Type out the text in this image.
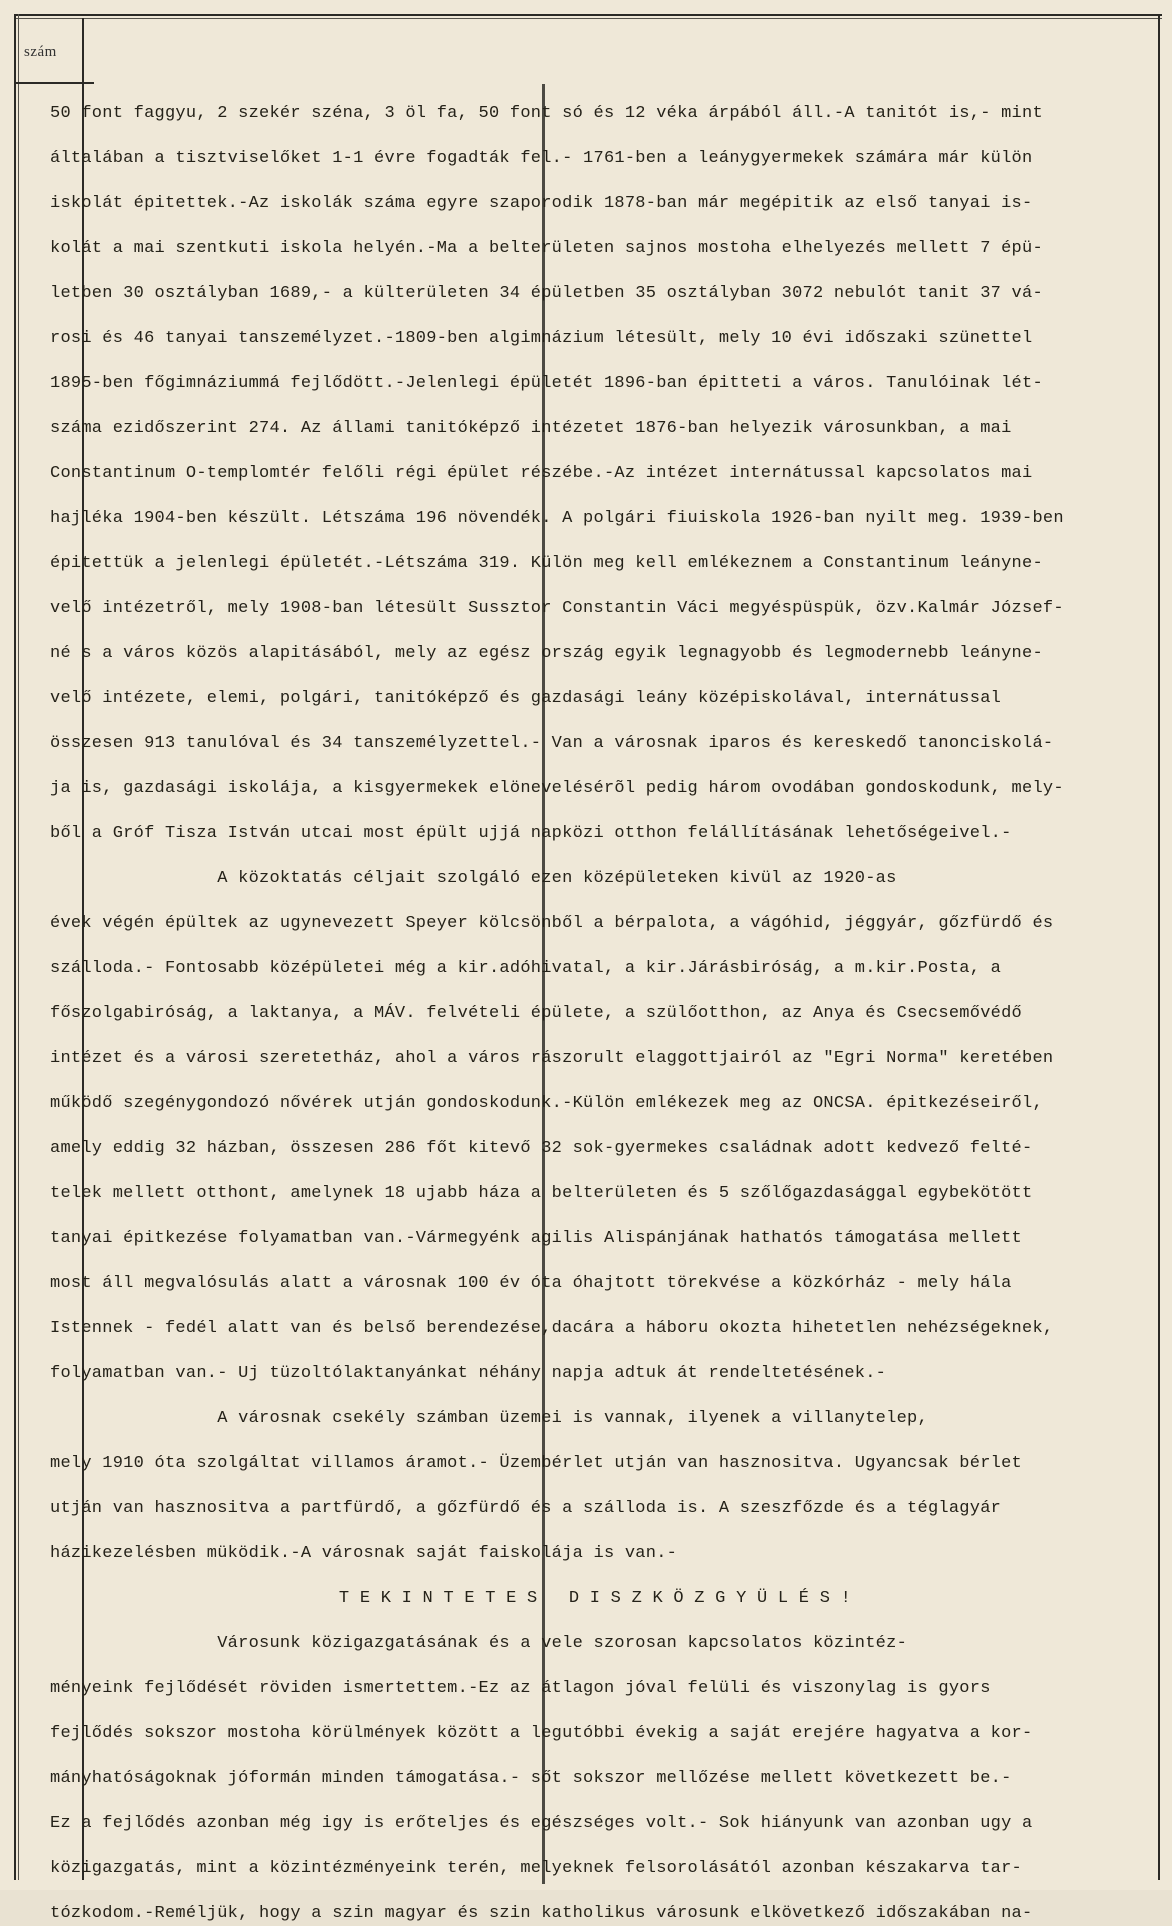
szám
50 font faggyu, 2 szekér széna, 3 öl fa, 50 font só és 12 véka árpából áll.-A tanitót is,- mint
általában a tisztviselőket 1-1 évre fogadták fel.- 1761-ben a leánygyermekek számára már külön
iskolát épitettek.-Az iskolák száma egyre szaporodik 1878-ban már megépitik az első tanyai is-
kolát a mai szentkuti iskola helyén.-Ma a belterületen sajnos mostoha elhelyezés mellett 7 épü-
letben 30 osztályban 1689,- a külterületen 34 épületben 35 osztályban 3072 nebulót tanit 37 vá-
rosi és 46 tanyai tanszemélyzet.-1809-ben algimnázium létesült, mely 10 évi időszaki szünettel
1895-ben főgimnáziummá fejlődött.-Jelenlegi épületét 1896-ban épitteti a város. Tanulóinak lét-
száma ezidőszerint 274. Az állami tanitóképző intézetet 1876-ban helyezik városunkban, a mai
Constantinum O-templomtér felőli régi épület részébe.-Az intézet internátussal kapcsolatos mai
hajléka 1904-ben készült. Létszáma 196 növendék. A polgári fiuiskola 1926-ban nyilt meg. 1939-ben
épitettük a jelenlegi épületét.-Létszáma 319. Külön meg kell emlékeznem a Constantinum leányne-
velő intézetről, mely 1908-ban létesült Sussztor Constantin Váci megyéspüspük, özv.Kalmár József-
né s a város közös alapitásából, mely az egész ország egyik legnagyobb és legmodernebb leányne-
velő intézete, elemi, polgári, tanitóképző és gazdasági leány középiskolával, internátussal
összesen 913 tanulóval és 34 tanszemélyzettel.- Van a városnak iparos és kereskedő tanonciskolá-
ja is, gazdasági iskolája, a kisgyermekek elönevelésérõl pedig három ovodában gondoskodunk, mely-
ből a Gróf Tisza István utcai most épült ujjá napközi otthon felállításának lehetőségeivel.-
A közoktatás céljait szolgáló ezen középületeken kivül az 1920-as
évek végén épültek az ugynevezett Speyer kölcsönből a bérpalota, a vágóhid, jéggyár, gőzfürdő és
szálloda.- Fontosabb középületei még a kir.adóhivatal, a kir.Járásbiróság, a m.kir.Posta, a
főszolgabiróság, a laktanya, a MÁV. felvételi épülete, a szülőotthon, az Anya és Csecsemővédő
intézet és a városi szeretetház, ahol a város rászorult elaggottjairól az "Egri Norma" keretében
működő szegénygondozó nővérek utján gondoskodunk.-Külön emlékezek meg az ONCSA. épitkezéseiről,
amely eddig 32 házban, összesen 286 főt kitevő 32 sok-gyermekes családnak adott kedvező felté-
telek mellett otthont, amelynek 18 ujabb háza a belterületen és 5 szőlőgazdasággal egybekötött
tanyai épitkezése folyamatban van.-Vármegyénk agilis Alispánjának hathatós támogatása mellett
most áll megvalósulás alatt a városnak 100 év óta óhajtott törekvése a közkórház - mely hála
Istennek - fedél alatt van és belső berendezése,dacára a háboru okozta hihetetlen nehézségeknek,
folyamatban van.- Uj tüzoltólaktanyánkat néhány napja adtuk át rendeltetésének.-
A városnak csekély számban üzemei is vannak, ilyenek a villanytelep,
mely 1910 óta szolgáltat villamos áramot.- Üzembérlet utján van hasznositva. Ugyancsak bérlet
utján van hasznositva a partfürdő, a gőzfürdő és a szálloda is. A szeszfőzde és a téglagyár
házikezelésben müködik.-A városnak saját faiskolája is van.-
T E K I N T E T E S   D I S Z K Ö Z G Y Ü L É S !
Városunk közigazgatásának és a vele szorosan kapcsolatos közintéz-
ményeink fejlődését röviden ismertettem.-Ez az átlagon jóval felüli és viszonylag is gyors
fejlődés sokszor mostoha körülmények között a legutóbbi évekig a saját erejére hagyatva a kor-
mányhatóságoknak jóformán minden támogatása.- sőt sokszor mellőzése mellett következett be.-
Ez a fejlődés azonban még igy is erőteljes és egészséges volt.- Sok hiányunk van azonban ugy a
közigazgatás, mint a közintézményeink terén, melyeknek felsorolásától azonban készakarva tar-
tózkodom.-Reméljük, hogy a szin magyar és szin katholikus városunk elkövetkező időszakában na-
